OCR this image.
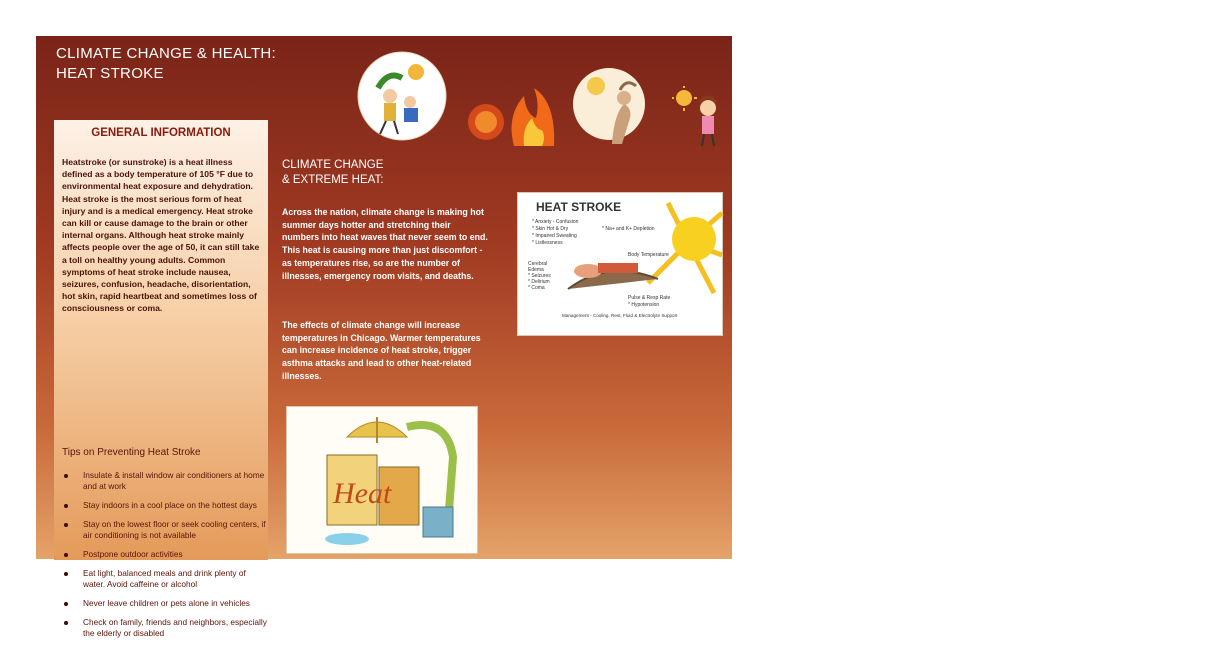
CLIMATE CHANGE & HEALTH:
HEAT STROKE
GENERAL INFORMATION
Heatstroke (or sunstroke) is a heat illness defined as a body temperature of 105 °F due to environmental heat exposure and dehydration. Heat stroke is the most serious form of heat injury and is a medical emergency. Heat stroke can kill or cause damage to the brain or other internal organs. Although heat stroke mainly affects people over the age of 50, it can still take a toll on healthy young adults. Common symptoms of heat stroke include nausea, seizures, confusion, headache, disorientation, hot skin, rapid heartbeat and sometimes loss of consciousness or coma.
Tips on Preventing Heat Stroke
Insulate & install window air conditioners at home and at work
Stay indoors in a cool place on the hottest days
Stay on the lowest floor or seek cooling centers, if air conditioning is not available
Postpone outdoor activities
Eat light, balanced meals and drink plenty of water. Avoid caffeine or alcohol
Never leave children or pets alone in vehicles
Check on family, friends and neighbors, especially the elderly or disabled
CLIMATE CHANGE
& EXTREME HEAT:
Across the nation, climate change is making hot summer days hotter and stretching their numbers into heat waves that never seem to end. This heat is causing more than just discomfort - as temperatures rise, so are the number of illnesses, emergency room visits, and deaths.
The effects of climate change will increase temperatures in Chicago. Warmer temperatures can increase incidence of heat stroke, trigger asthma attacks and lead to other heat-related illnesses.
Heat
HEAT STROKE
* Anxiety - Confusion
* Skin Hot & Dry
* Impaired Sweating
* Listlessness
* Na+ and K+ Depletion
Body Temperature
Cerebral
Edema
* Seizures
* Delirium
* Coma
Pulse & Resp Rate
* Hypotension
Management - Cooling, Rest, Fluid & Electrolyte Support
If heat stroke is suspected notify emergency services (911) immediately. In the meantime get the victim to a cool area and have them drink cool water.
CLIMATE ADAPTATION:
Chicago Physicians for Social Responsibility believes that many local communities are disproportionately impacted by the hardships caused by climate change and extreme weather incidents. Members of these communities are particularly vulnerable to displacement, sickness, death, and mis-education, which makes the creation of adaption plans paramount.
